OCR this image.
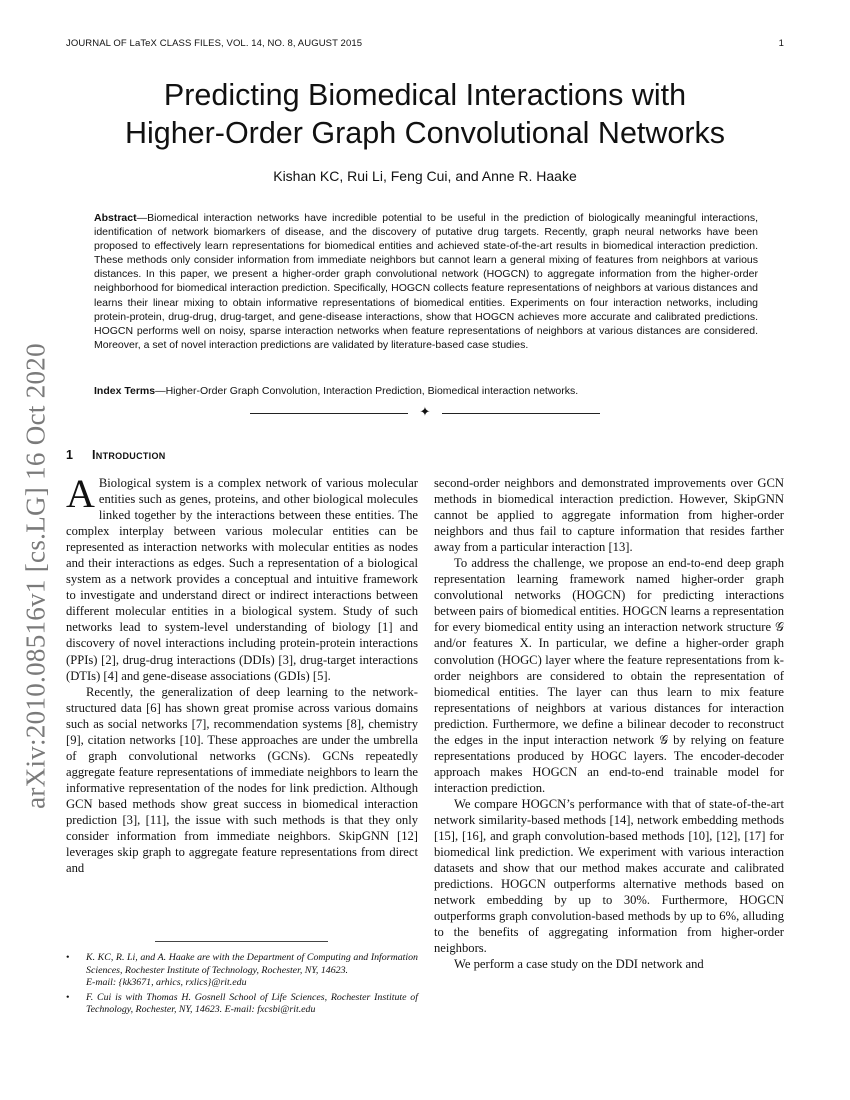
JOURNAL OF LaTeX CLASS FILES, VOL. 14, NO. 8, AUGUST 2015	1
arXiv:2010.08516v1 [cs.LG] 16 Oct 2020
Predicting Biomedical Interactions with
Higher-Order Graph Convolutional Networks
Kishan KC, Rui Li, Feng Cui, and Anne R. Haake
Abstract—Biomedical interaction networks have incredible potential to be useful in the prediction of biologically meaningful interactions, identification of network biomarkers of disease, and the discovery of putative drug targets. Recently, graph neural networks have been proposed to effectively learn representations for biomedical entities and achieved state-of-the-art results in biomedical interaction prediction. These methods only consider information from immediate neighbors but cannot learn a general mixing of features from neighbors at various distances. In this paper, we present a higher-order graph convolutional network (HOGCN) to aggregate information from the higher-order neighborhood for biomedical interaction prediction. Specifically, HOGCN collects feature representations of neighbors at various distances and learns their linear mixing to obtain informative representations of biomedical entities. Experiments on four interaction networks, including protein-protein, drug-drug, drug-target, and gene-disease interactions, show that HOGCN achieves more accurate and calibrated predictions. HOGCN performs well on noisy, sparse interaction networks when feature representations of neighbors at various distances are considered. Moreover, a set of novel interaction predictions are validated by literature-based case studies.
Index Terms—Higher-Order Graph Convolution, Interaction Prediction, Biomedical interaction networks.
✦
1 Introduction

A Biological system is a complex network of various molecular entities such as genes, proteins, and other biological molecules linked together by the interactions between these entities. The complex interplay between various molecular entities can be represented as interaction networks with molecular entities as nodes and their interactions as edges. Such a representation of a biological system as a network provides a conceptual and intuitive framework to investigate and understand direct or indirect interactions between different molecular entities in a biological system. Study of such networks lead to system-level understanding of biology [1] and discovery of novel interactions including protein-protein interactions (PPIs) [2], drug-drug interactions (DDIs) [3], drug-target interactions (DTIs) [4] and gene-disease associations (GDIs) [5].

Recently, the generalization of deep learning to the network-structured data [6] has shown great promise across various domains such as social networks [7], recommendation systems [8], chemistry [9], citation networks [10]. These approaches are under the umbrella of graph convolutional networks (GCNs). GCNs repeatedly aggregate feature representations of immediate neighbors to learn the informative representation of the nodes for link prediction. Although GCN based methods show great success in biomedical interaction prediction [3], [11], the issue with such methods is that they only consider information from immediate neighbors. SkipGNN [12] leverages skip graph to aggregate feature representations from direct and

second-order neighbors and demonstrated improvements over GCN methods in biomedical interaction prediction. However, SkipGNN cannot be applied to aggregate information from higher-order neighbors and thus fail to capture information that resides farther away from a particular interaction [13].

To address the challenge, we propose an end-to-end deep graph representation learning framework named higher-order graph convolutional networks (HOGCN) for predicting interactions between pairs of biomedical entities. HOGCN learns a representation for every biomedical entity using an interaction network structure 𝒢 and/or features X. In particular, we define a higher-order graph convolution (HOGC) layer where the feature representations from k-order neighbors are considered to obtain the representation of biomedical entities. The layer can thus learn to mix feature representations of neighbors at various distances for interaction prediction. Furthermore, we define a bilinear decoder to reconstruct the edges in the input interaction network 𝒢 by relying on feature representations produced by HOGC layers. The encoder-decoder approach makes HOGCN an end-to-end trainable model for interaction prediction.

We compare HOGCN’s performance with that of state-of-the-art network similarity-based methods [14], network embedding methods [15], [16], and graph convolution-based methods [10], [12], [17] for biomedical link prediction. We experiment with various interaction datasets and show that our method makes accurate and calibrated predictions. HOGCN outperforms alternative methods based on network embedding by up to 30%. Furthermore, HOGCN outperforms graph convolution-based methods by up to 6%, alluding to the benefits of aggregating information from higher-order neighbors.

We perform a case study on the DDI network and

• K. KC, R. Li, and A. Haake are with the Department of Computing and Information Sciences, Rochester Institute of Technology, Rochester, NY, 14623.
E-mail: {kk3671, arhics, rxlics}@rit.edu
• F. Cui is with Thomas H. Gosnell School of Life Sciences, Rochester Institute of Technology, Rochester, NY, 14623. E-mail: fxcsbi@rit.edu
